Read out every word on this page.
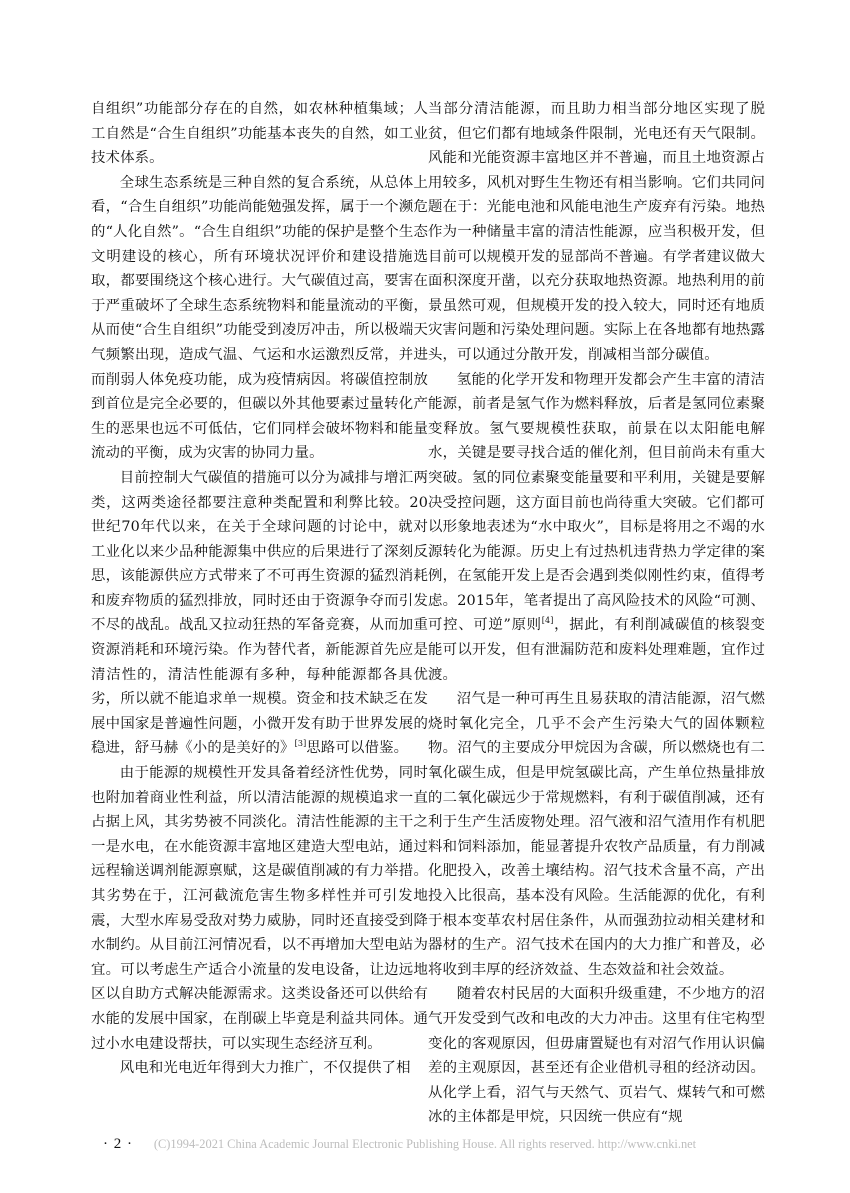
自组织”功能部分存在的自然，如农林种植集域；人工自然是“合生自组织”功能基本丧失的自然，如工业技术体系。

全球生态系统是三种自然的复合系统，从总体上看，“合生自组织”功能尚能勉强发挥，属于一个濒危的“人化自然”。“合生自组织”功能的保护是整个生态文明建设的核心，所有环境状况评价和建设措施选取，都要围绕这个核心进行。大气碳值过高，要害在于严重破坏了全球生态系统物料和能量流动的平衡，从而使“合生自组织”功能受到凌厉冲击，所以极端天气频繁出现，造成气温、气运和水运激烈反常，并进而削弱人体免疫功能，成为疫情病因。将碳值控制放到首位是完全必要的，但碳以外其他要素过量转化产生的恶果也远不可低估，它们同样会破坏物料和能量流动的平衡，成为灾害的协同力量。

目前控制大气碳值的措施可以分为减排与增汇两类，这两类途径都要注意种类配置和利弊比较。20世纪70年代以来，在关于全球问题的讨论中，就对工业化以来少品种能源集中供应的后果进行了深刻反思，该能源供应方式带来了不可再生资源的猛烈消耗和废弃物质的猛烈排放，同时还由于资源争夺而引发不尽的战乱。战乱又拉动狂热的军备竞赛，从而加重资源消耗和环境污染。作为替代者，新能源首先应是清洁性的，清洁性能源有多种，每种能源都各具优劣，所以就不能追求单一规模。资金和技术缺乏在发展中国家是普遍性问题，小微开发有助于世界发展的稳进，舒马赫《小的是美好的》[3]思路可以借鉴。

由于能源的规模性开发具备着经济性优势，同时也附加着商业性利益，所以清洁能源的规模追求一直占据上风，其劣势被不同淡化。清洁性能源的主干之一是水电，在水能资源丰富地区建造大型电站，通过远程输送调剂能源禀赋，这是碳值削减的有力举措。其劣势在于，江河截流危害生物多样性并可引发地震，大型水库易受敌对势力威胁，同时还直接受到降水制约。从目前江河情况看，以不再增加大型电站为宜。可以考虑生产适合小流量的发电设备，让边远地区以自助方式解决能源需求。这类设备还可以供给有水能的发展中国家，在削碳上毕竟是利益共同体。通过小水电建设帮扶，可以实现生态经济互利。

风电和光电近年得到大力推广，不仅提供了相

当部分清洁能源，而且助力相当部分地区实现了脱贫，但它们都有地域条件限制，光电还有天气限制。风能和光能资源丰富地区并不普遍，而且土地资源占用较多，风机对野生生物还有相当影响。它们共同问题在于：光能电池和风能电池生产废弃有污染。地热作为一种储量丰富的清洁性能源，应当积极开发，但目前可以规模开发的显部尚不普遍。有学者建议做大面积深度开凿，以充分获取地热资源。地热利用的前景虽然可观，但规模开发的投入较大，同时还有地质灾害问题和污染处理问题。实际上在各地都有地热露头，可以通过分散开发，削减相当部分碳值。

氢能的化学开发和物理开发都会产生丰富的清洁能源，前者是氢气作为燃料释放，后者是氢同位素聚变释放。氢气要规模性获取，前景在以太阳能电解水，关键是要寻找合适的催化剂，但目前尚未有重大突破。氢的同位素聚变能量要和平利用，关键是要解决受控问题，这方面目前也尚待重大突破。它们都可以形象地表述为“水中取火”，目标是将用之不竭的水源转化为能源。历史上有过热机违背热力学定律的案例，在氢能开发上是否会遇到类似刚性约束，值得考虑。2015年，笔者提出了高风险技术的风险“可测、可控、可逆”原则[4]，据此，有利削减碳值的核裂变能可以开发，但有泄漏防范和废料处理难题，宜作过渡。

沼气是一种可再生且易获取的清洁能源，沼气燃烧时氧化完全，几乎不会产生污染大气的固体颗粒物。沼气的主要成分甲烷因为含碳，所以燃烧也有二氧化碳生成，但是甲烷氢碳比高，产生单位热量排放的二氧化碳远少于常规燃料，有利于碳值削减，还有利于生产生活废物处理。沼气液和沼气渣用作有机肥料和饲料添加，能显著提升农牧产品质量，有力削减化肥投入，改善土壤结构。沼气技术含量不高，产出投入比很高，基本没有风险。生活能源的优化，有利于根本变革农村居住条件，从而强劲拉动相关建材和器材的生产。沼气技术在国内的大力推广和普及，必将收到丰厚的经济效益、生态效益和社会效益。

随着农村民居的大面积升级重建，不少地方的沼气开发受到气改和电改的大力冲击。这里有住宅构型变化的客观原因，但毋庸置疑也有对沼气作用认识偏差的主观原因，甚至还有企业借机寻租的经济动因。从化学上看，沼气与天然气、页岩气、煤转气和可燃冰的主体都是甲烷，只因统一供应有“规

(C)1994-2021 China Academic Journal Electronic Publishing House. All rights reserved. http://www.cnki.net
· 2 ·
